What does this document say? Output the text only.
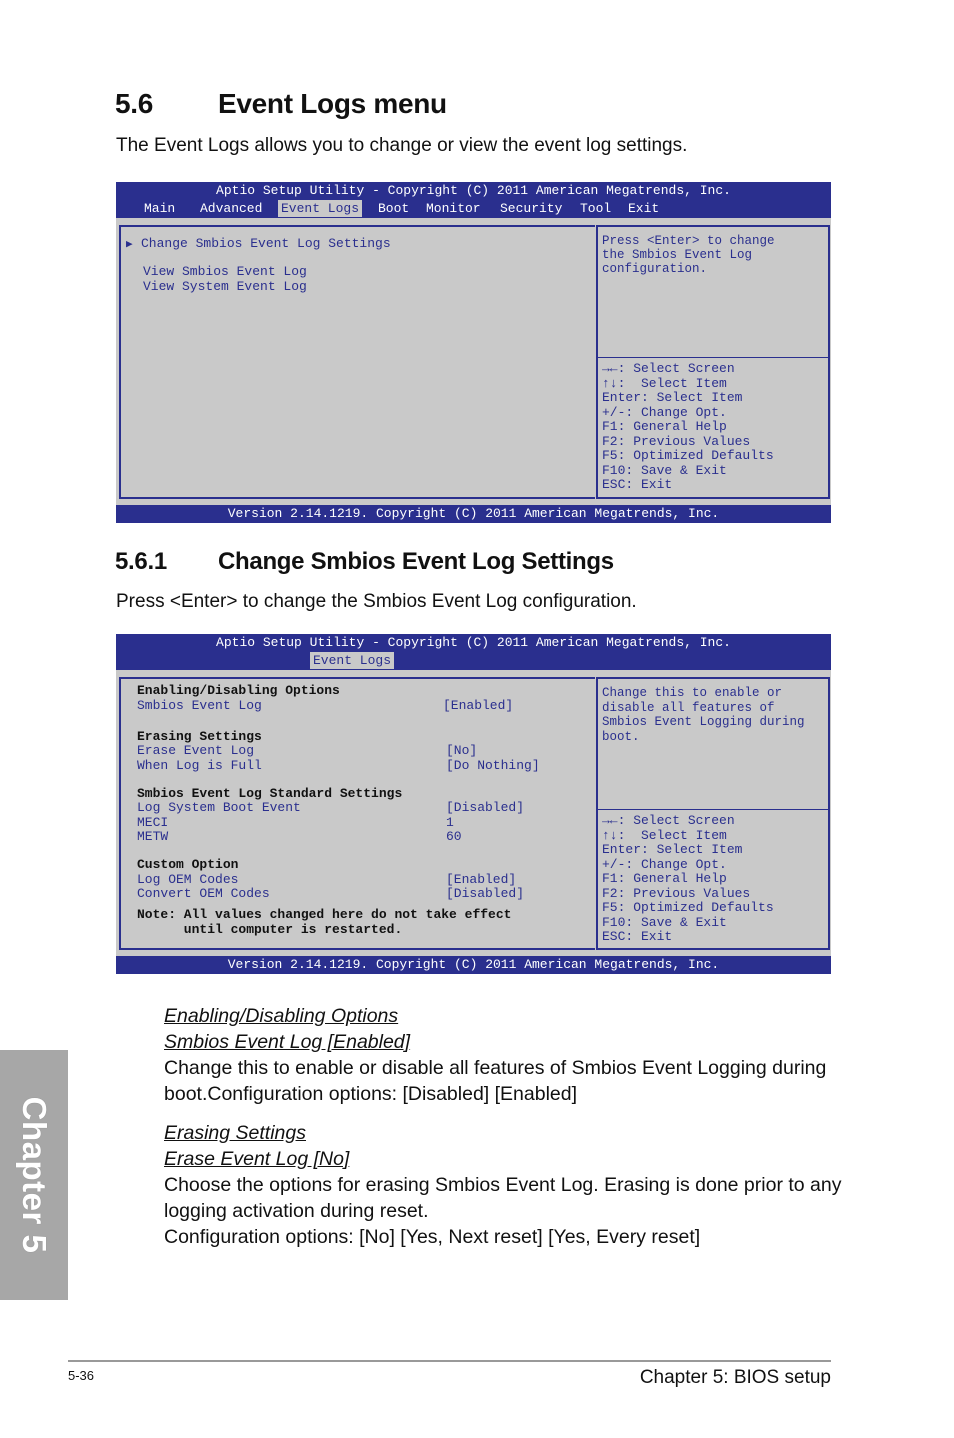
5.6 Event Logs menu
The Event Logs allows you to change or view the event log settings.
Aptio Setup Utility - Copyright (C) 2011 American Megatrends, Inc.
Main Advanced Event Logs Boot Monitor Security Tool Exit
▶ Change Smbios Event Log Settings
View Smbios Event Log
View System Event Log
Press <Enter> to change
the Smbios Event Log
configuration.
→←: Select Screen
↑↓:  Select Item
Enter: Select Item
+/-: Change Opt.
F1: General Help
F2: Previous Values
F5: Optimized Defaults
F10: Save & Exit
ESC: Exit
Version 2.14.1219. Copyright (C) 2011 American Megatrends, Inc.
5.6.1 Change Smbios Event Log Settings
Press <Enter> to change the Smbios Event Log configuration.
Aptio Setup Utility - Copyright (C) 2011 American Megatrends, Inc.
Event Logs
Enabling/Disabling Options
Smbios Event Log	[Enabled]
Erasing Settings
Erase Event Log	[No]
When Log is Full	[Do Nothing]
Smbios Event Log Standard Settings
Log System Boot Event	[Disabled]
MECI	1
METW	60
Custom Option
Log OEM Codes	[Enabled]
Convert OEM Codes	[Disabled]
Note: All values changed here do not take effect
until computer is restarted.
Change this to enable or
disable all features of
Smbios Event Logging during
boot.
→←: Select Screen
↑↓:  Select Item
Enter: Select Item
+/-: Change Opt.
F1: General Help
F2: Previous Values
F5: Optimized Defaults
F10: Save & Exit
ESC: Exit
Version 2.14.1219. Copyright (C) 2011 American Megatrends, Inc.
Enabling/Disabling Options
Smbios Event Log [Enabled]
Change this to enable or disable all features of Smbios Event Logging during boot.Configuration options: [Disabled] [Enabled]
Erasing Settings
Erase Event Log [No]
Choose the options for erasing Smbios Event Log. Erasing is done prior to any logging activation during reset.
Configuration options: [No] [Yes, Next reset] [Yes, Every reset]
Chapter 5
5-36	Chapter 5: BIOS setup
